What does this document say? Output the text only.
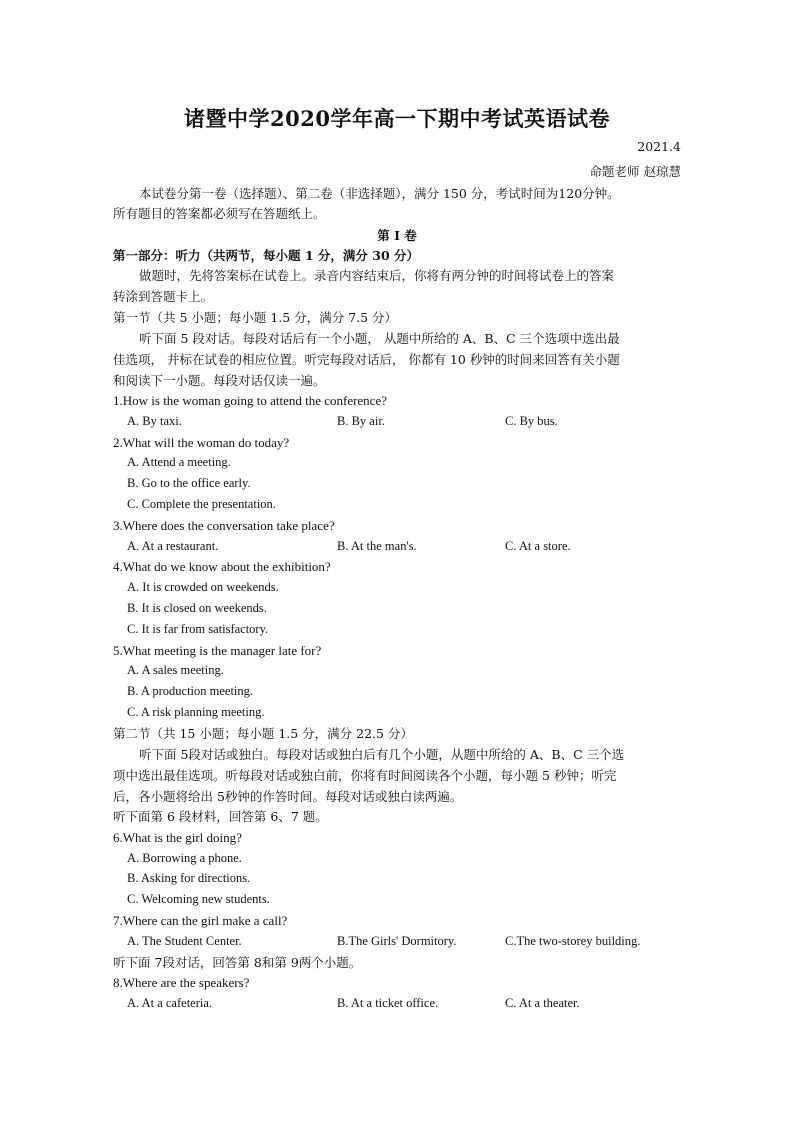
诸暨中学2020学年高一下期中考试英语试卷
2021.4
命题老师 赵琼慧
本试卷分第一卷（选择题）、第二卷（非选择题），满分 150 分，考试时间为120分钟。
所有题目的答案都必须写在答题纸上。
第 I 卷
第一部分：听力（共两节，每小题 1 分，满分 30 分）
做题时，先将答案标在试卷上。录音内容结束后，你将有两分钟的时间将试卷上的答案
转涂到答题卡上。
第一节（共 5 小题；每小题 1.5 分，满分 7.5 分）
听下面 5 段对话。每段对话后有一个小题， 从题中所给的 A、B、C 三个选项中选出最
佳选项， 并标在试卷的相应位置。听完每段对话后， 你都有 10 秒钟的时间来回答有关小题
和阅读下一小题。每段对话仅读一遍。
1.How is the woman going to attend the conference?
A. By taxi.	B. By air.	C. By bus.
2.What will the woman do today?
A. Attend a meeting.
B. Go to the office early.
C. Complete the presentation.
3.Where does the conversation take place?
A. At a restaurant.	B. At the man's.	C. At a store.
4.What do we know about the exhibition?
A. It is crowded on weekends.
B. It is closed on weekends.
C. It is far from satisfactory.
5.What meeting is the manager late for?
A. A sales meeting.
B. A production meeting.
C. A risk planning meeting.
第二节（共 15 小题；每小题 1.5 分，满分 22.5 分）
听下面 5段对话或独白。每段对话或独白后有几个小题，从题中所给的 A、B、C 三个选
项中选出最佳选项。听每段对话或独白前，你将有时间阅读各个小题，每小题 5 秒钟；听完
后，各小题将给出 5秒钟的作答时间。每段对话或独白读两遍。
听下面第 6 段材料，回答第 6、7 题。
6.What is the girl doing?
A. Borrowing a phone.
B. Asking for directions.
C. Welcoming new students.
7.Where can the girl make a call?
A. The Student Center.	B.The Girls' Dormitory.	C.The two-storey building.
听下面 7段对话，回答第 8和第 9两个小题。
8.Where are the speakers?
A. At a cafeteria.	B. At a ticket office.	C. At a theater.
